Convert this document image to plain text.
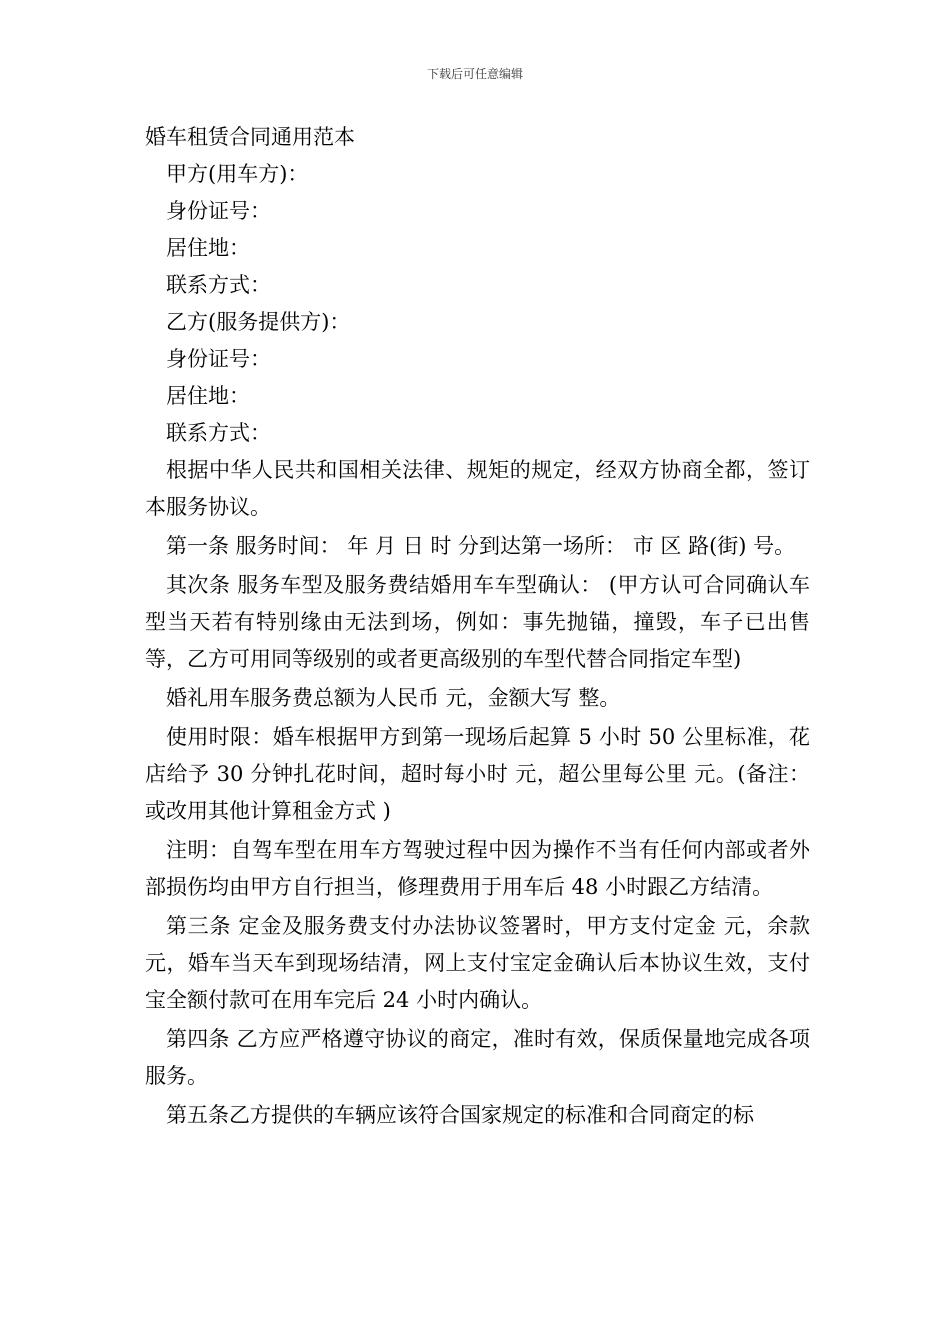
下载后可任意编辑
婚车租赁合同通用范本

甲方(用车方)：

身份证号：

居住地：

联系方式：

乙方(服务提供方)：

身份证号：

居住地：

联系方式：

根据中华人民共和国相关法律、规矩的规定，经双方协商全都，签订本服务协议。

第一条 服务时间： 年 月 日 时 分到达第一场所： 市 区 路(街) 号。

其次条 服务车型及服务费结婚用车车型确认： (甲方认可合同确认车型当天若有特别缘由无法到场，例如：事先抛锚，撞毁，车子已出售等，乙方可用同等级别的或者更高级别的车型代替合同指定车型)

婚礼用车服务费总额为人民币 元，金额大写 整。

使用时限：婚车根据甲方到第一现场后起算 5 小时 50 公里标准，花店给予 30 分钟扎花时间，超时每小时 元，超公里每公里 元。(备注：或改用其他计算租金方式 )

注明：自驾车型在用车方驾驶过程中因为操作不当有任何内部或者外部损伤均由甲方自行担当，修理费用于用车后 48 小时跟乙方结清。

第三条 定金及服务费支付办法协议签署时，甲方支付定金 元，余款 元，婚车当天车到现场结清，网上支付宝定金确认后本协议生效，支付宝全额付款可在用车完后 24 小时内确认。

第四条 乙方应严格遵守协议的商定，准时有效，保质保量地完成各项服务。

第五条乙方提供的车辆应该符合国家规定的标准和合同商定的标
